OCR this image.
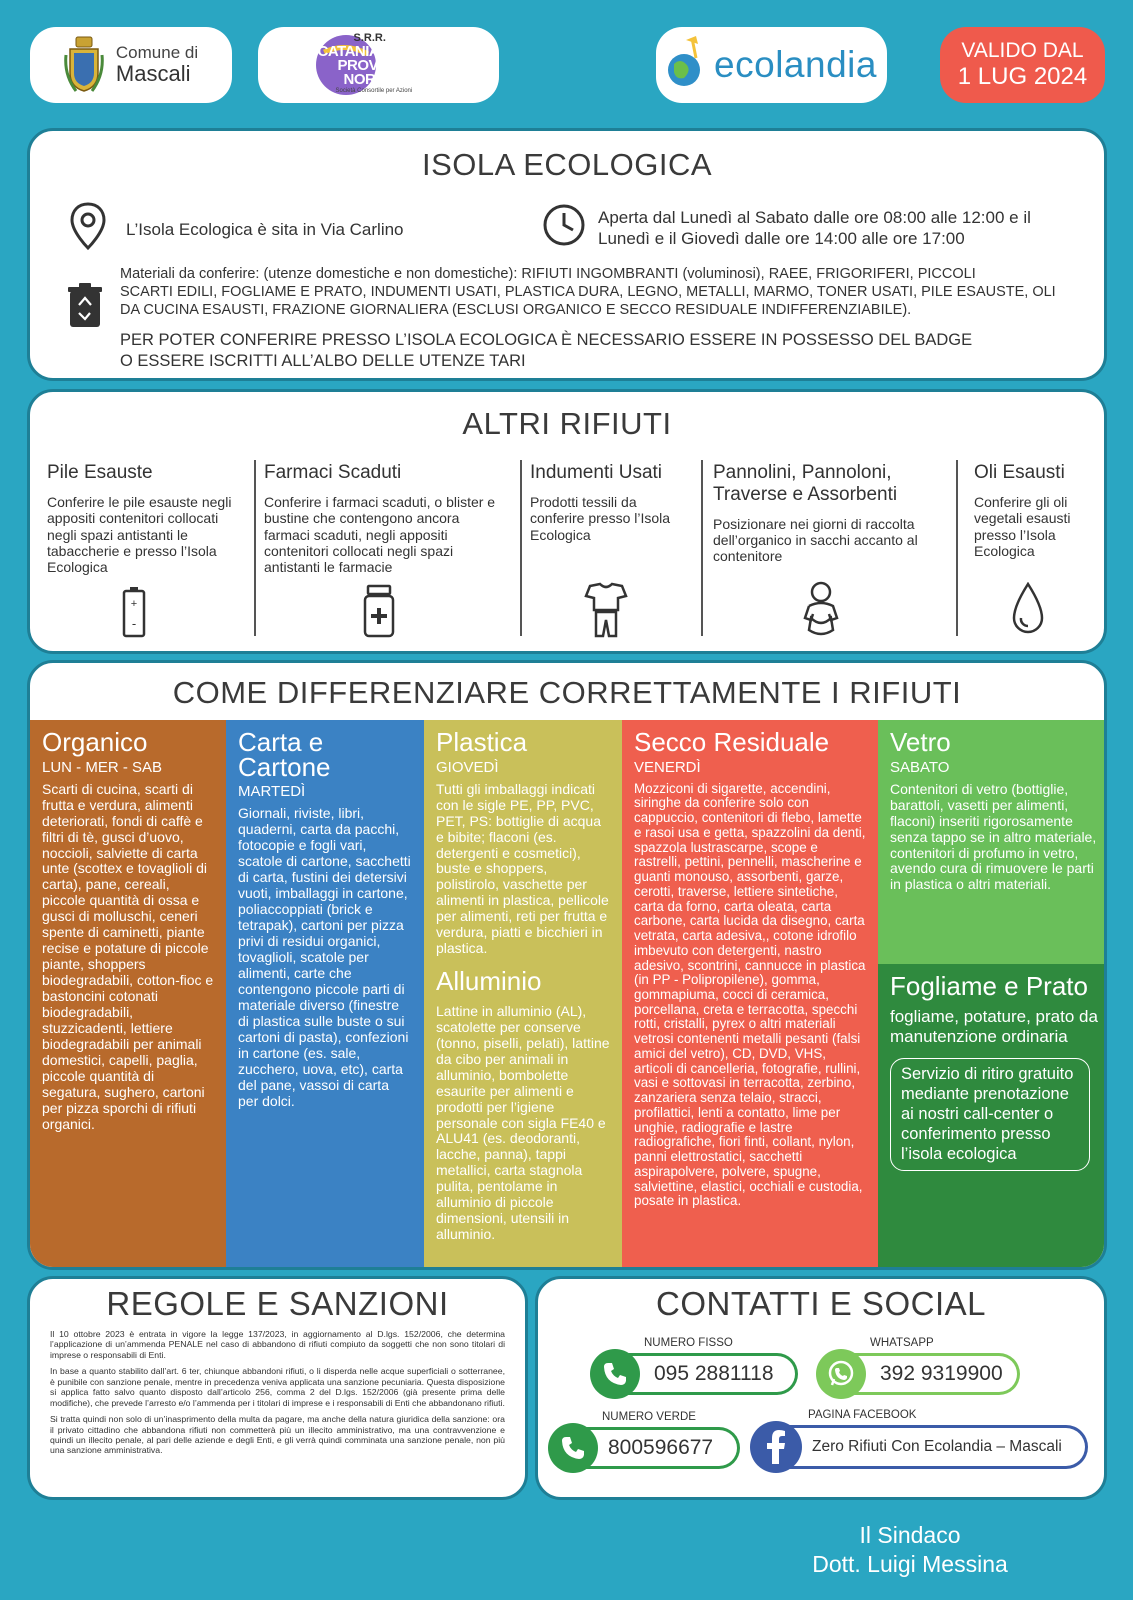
Comune di
Mascali
S.R.R.
CATANIA
PROVINCIA
NORD
Società Consortile per Azioni
ecolandia	VALIDO DAL
1 LUG 2024
ISOLA ECOLOGICA
L’Isola Ecologica è sita in Via Carlino
Aperta dal Lunedì al Sabato dalle ore 08:00 alle 12:00 e il
Lunedì e il Giovedì dalle ore 14:00 alle ore 17:00
Materiali da conferire: (utenze domestiche e non domestiche): RIFIUTI INGOMBRANTI (voluminosi), RAEE, FRIGORIFERI, PICCOLI
SCARTI EDILI, FOGLIAME E PRATO, INDUMENTI USATI, PLASTICA DURA, LEGNO, METALLI, MARMO, TONER USATI, PILE ESAUSTE, OLI
DA CUCINA ESAUSTI, FRAZIONE GIORNALIERA (ESCLUSI ORGANICO E SECCO RESIDUALE INDIFFERENZIABILE).
PER POTER CONFERIRE PRESSO L’ISOLA ECOLOGICA È NECESSARIO ESSERE IN POSSESSO DEL BADGE
O ESSERE ISCRITTI ALL’ALBO DELLE UTENZE TARI
ALTRI RIFIUTI
Pile Esauste

Conferire le pile esauste negli appositi contenitori collocati negli spazi antistanti le tabaccherie e presso l’Isola Ecologica

+
-
Farmaci Scaduti

Conferire i farmaci scaduti, o blister e bustine che contengono ancora farmaci scaduti, negli appositi contenitori collocati negli spazi antistanti le farmacie

Indumenti Usati

Prodotti tessili da conferire presso l’Isola Ecologica

Pannolini, Pannoloni, Traverse e Assorbenti

Posizionare nei giorni di raccolta dell’organico in sacchi accanto al contenitore

Oli Esausti

Conferire gli oli vegetali esausti presso l’Isola Ecologica

COME DIFFERENZIARE CORRETTAMENTE I RIFIUTI
Organico
LUN - MER - SAB

Scarti di cucina, scarti di frutta e verdura, alimenti deteriorati, fondi di caffè e filtri di tè, gusci d’uovo, noccioli, salviette di carta unte (scottex e tovaglioli di carta), pane, cereali, piccole quantità di ossa e gusci di molluschi, ceneri spente di caminetti, piante recise e potature di piccole piante, shoppers biodegradabili, cotton-fioc e bastoncini cotonati biodegradabili, stuzzicadenti, lettiere biodegradabili per animali domestici, capelli, paglia, piccole quantità di segatura, sughero, cartoni per pizza sporchi di rifiuti organici.

Carta e Cartone
MARTEDÌ

Giornali, riviste, libri, quaderni, carta da pacchi, fotocopie e fogli vari, scatole di cartone, sacchetti di carta, fustini dei detersivi vuoti, imballaggi in cartone, poliaccoppiati (brick e tetrapak), cartoni per pizza privi di residui organici, tovaglioli, scatole per alimenti, carte che contengono piccole parti di materiale diverso (finestre di plastica sulle buste o sui cartoni di pasta), confezioni in cartone (es. sale, zucchero, uova, etc), carta del pane, vassoi di carta per dolci.

Plastica
GIOVEDÌ

Tutti gli imballaggi indicati con le sigle PE, PP, PVC, PET, PS: bottiglie di acqua e bibite; flaconi (es. detergenti e cosmetici), buste e shoppers, polistirolo, vaschette per alimenti in plastica, pellicole per alimenti, reti per frutta e verdura, piatti e bicchieri in plastica.

Alluminio

Lattine in alluminio (AL), scatolette per conserve (tonno, piselli, pelati), lattine da cibo per animali in alluminio, bombolette esaurite per alimenti e prodotti per l’igiene personale con sigla FE40 e ALU41 (es. deodoranti, lacche, panna), tappi metallici, carta stagnola pulita, pentolame in alluminio di piccole dimensioni, utensili in alluminio.

Secco Residuale
VENERDÌ

Mozziconi di sigarette, accendini, siringhe da conferire solo con cappuccio, contenitori di flebo, lamette e rasoi usa e getta, spazzolini da denti, spazzola lustrascarpe, scope e rastrelli, pettini, pennelli, mascherine e guanti monouso, assorbenti, garze, cerotti, traverse, lettiere sintetiche, carta da forno, carta oleata, carta carbone, carta lucida da disegno, carta vetrata, carta adesiva,, cotone idrofilo imbevuto con detergenti, nastro adesivo, scontrini, cannucce in plastica (in PP - Polipropilene), gomma, gommapiuma, cocci di ceramica, porcellana, creta e terracotta, specchi rotti, cristalli, pyrex o altri materiali vetrosi contenenti metalli pesanti (falsi amici del vetro), CD, DVD, VHS, articoli di cancelleria, fotografie, rullini, vasi e sottovasi in terracotta, zerbino, zanzariera senza telaio, stracci, profilattici, lenti a contatto, lime per unghie, radiografie e lastre radiografiche, fiori finti, collant, nylon, panni elettrostatici, sacchetti aspirapolvere, polvere, spugne, salviettine, elastici, occhiali e custodia, posate in plastica.

Vetro
SABATO

Contenitori di vetro (bottiglie, barattoli, vasetti per alimenti, flaconi) inseriti rigorosamente senza tappo se in altro materiale, contenitori di profumo in vetro, avendo cura di rimuovere le parti in plastica o altri materiali.

Fogliame e Prato

fogliame, potature, prato da manutenzione ordinaria

Servizio di ritiro gratuito mediante prenotazione ai nostri call-center o conferimento presso l’isola ecologica
REGOLE E SANZIONI

Il 10 ottobre 2023 è entrata in vigore la legge 137/2023, in aggiornamento al D.lgs. 152/2006, che determina l’applicazione di un’ammenda PENALE nel caso di abbandono di rifiuti compiuto da soggetti che non sono titolari di imprese o responsabili di Enti.

In base a quanto stabilito dall’art. 6 ter, chiunque abbandoni rifiuti, o li disperda nelle acque superficiali o sotterranee, è punibile con sanzione penale, mentre in precedenza veniva applicata una sanzione pecuniaria. Questa disposizione si applica fatto salvo quanto disposto dall’articolo 256, comma 2 del D.lgs. 152/2006 (già presente prima delle modifiche), che prevede l’arresto e/o l’ammenda per i titolari di imprese e i responsabili di Enti che abbandonano rifiuti.

Si tratta quindi non solo di un’inasprimento della multa da pagare, ma anche della natura giuridica della sanzione: ora il privato cittadino che abbandona rifiuti non commetterà più un illecito amministrativo, ma una contravvenzione e quindi un illecito penale, al pari delle aziende e degli Enti, e gli verrà quindi comminata una sanzione penale, non più una sanzione amministrativa.

CONTATTI E SOCIAL
NUMERO FISSO
095 2881118
WHATSAPP
392 9319900
NUMERO VERDE
800596677
PAGINA FACEBOOK
Zero Rifiuti Con Ecolandia – Mascali
Il Sindaco
Dott. Luigi Messina
